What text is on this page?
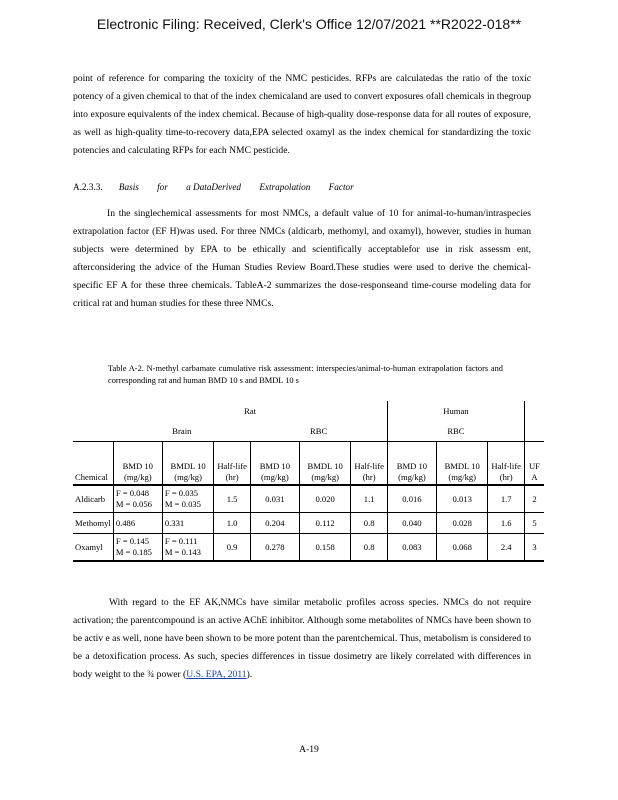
Electronic Filing: Received, Clerk's Office 12/07/2021 **R2022-018**
point of reference for comparing the toxicity of the NMC pesticides. RFPs are calculatedas the ratio of the toxic potency of a given chemical to that of the index chemicaland are used to convert exposures ofall chemicals in thegroup into exposure equivalents of the index chemical. Because of high-quality dose-response data for all routes of exposure, as well as high-quality time-to-recovery data,EPA selected oxamyl as the index chemical for standardizing the toxic potencies and calculating RFPs for each NMC pesticide.
A.2.3.3. Basis for a DataDerived Extrapolation Factor
In the singlechemical assessments for most NMCs, a default value of 10 for animal-to-human/intraspecies extrapolation factor (EF H)was used. For three NMCs (aldicarb, methomyl, and oxamyl), however, studies in human subjects were determined by EPA to be ethically and scientifically acceptablefor use in risk assessm ent, afterconsidering the advice of the Human Studies Review Board.These studies were used to derive the chemical-specific EF A for these three chemicals. TableA-2 summarizes the dose-responseand time-course modeling data for critical rat and human studies for these three NMCs.
Table A-2. N-methyl carbamate cumulative risk assessment: interspecies/animal-to-human extrapolation factors and corresponding rat and human BMD 10 s and BMDL 10 s
	Rat						Human			
	Brain			RBC			RBC			
Chemical	BMD 10 (mg/kg)	BMDL 10 (mg/kg)	Half-life (hr)	BMD 10 (mg/kg)	BMDL 10 (mg/kg)	Half-life (hr)	BMD 10 (mg/kg)	BMDL 10 (mg/kg)	Half-life (hr)	UF A
Aldicarb	F = 0.048
M = 0.056	F = 0.035
M = 0.035	1.5	0.031	0.020	1.1	0.016	0.013	1.7	2
Methomyl	0.486	0.331	1.0	0.204	0.112	0.8	0.040	0.028	1.6	5
Oxamyl	F = 0.145
M = 0.185	F = 0.111
M = 0.143	0.9	0.278	0.158	0.8	0.083	0.068	2.4	3
With regard to the EF AK,NMCs have similar metabolic profiles across species. NMCs do not require activation; the parentcompound is an active AChE inhibitor. Although some metabolites of NMCs have been shown to be activ e as well, none have been shown to be more potent than the parentchemical. Thus, metabolism is considered to be a detoxification process. As such, species differences in tissue dosimetry are likely correlated with differences in body weight to the ¾ power (U.S. EPA, 2011).
A-19
